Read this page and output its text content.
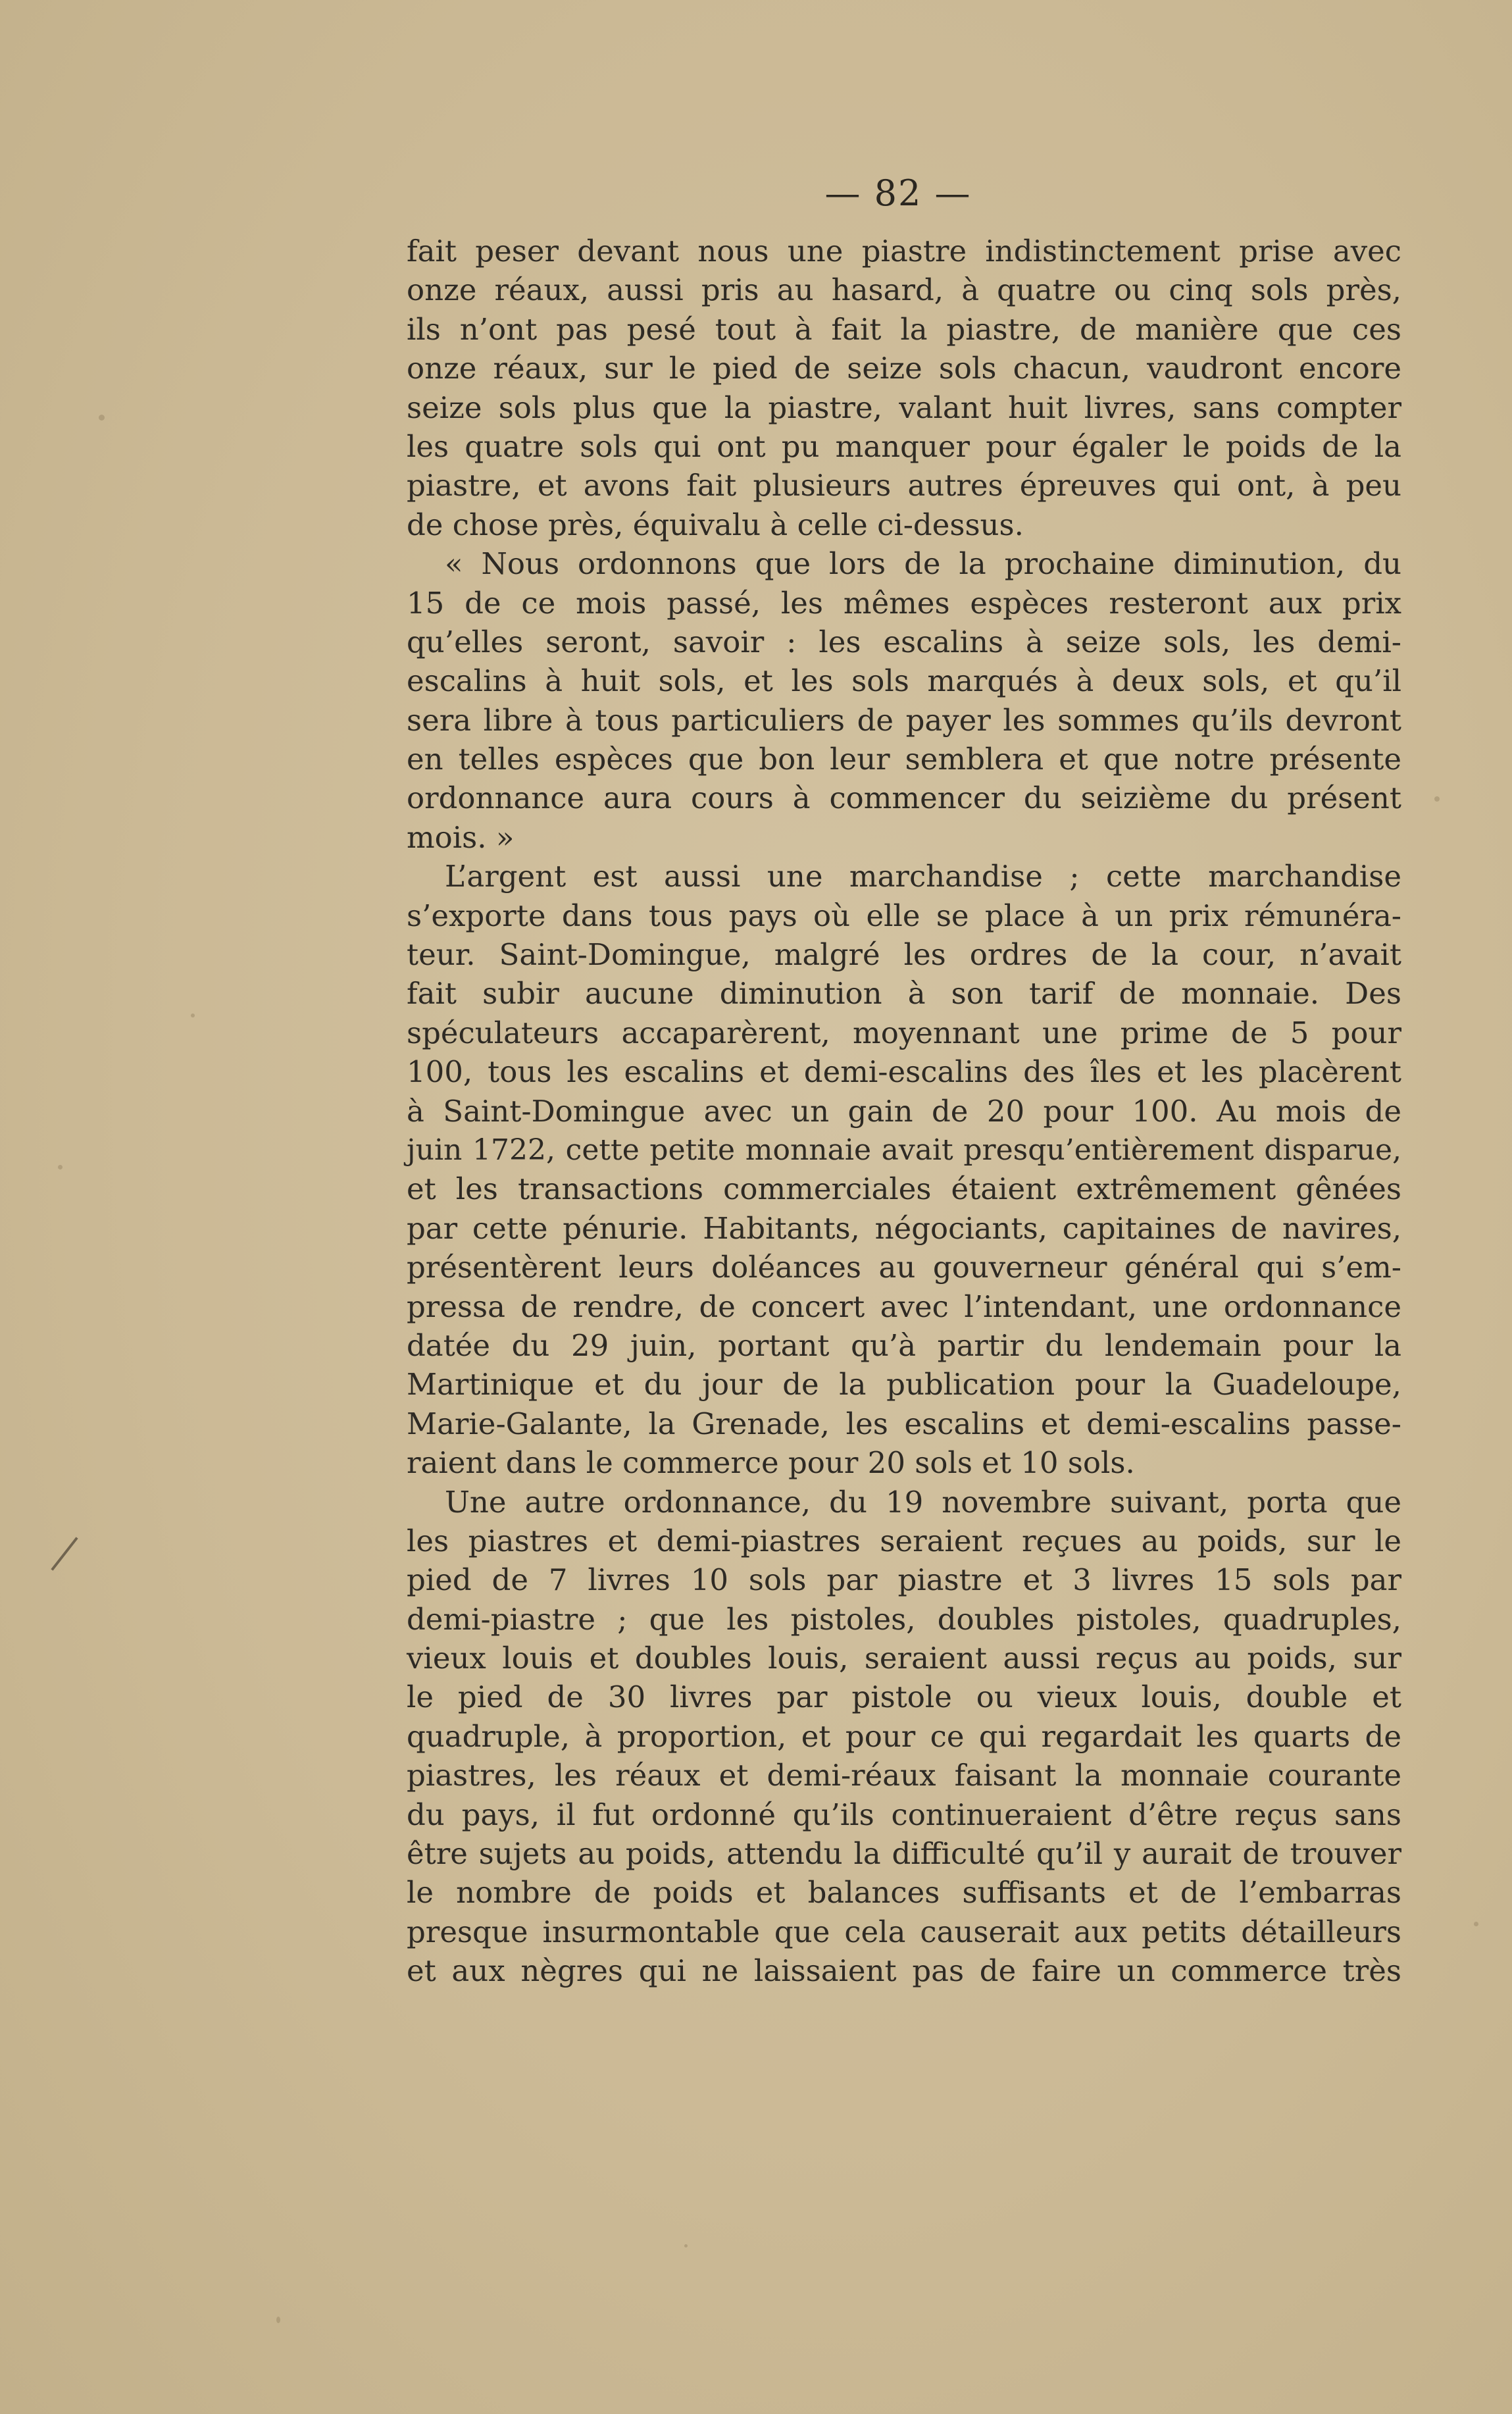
— 82 —
fait peser devant nous une piastre indistinctement prise avec
onze réaux, aussi pris au hasard, à quatre ou cinq sols près,
ils n’ont pas pesé tout à fait la piastre, de manière que ces
onze réaux, sur le pied de seize sols chacun, vaudront encore
seize sols plus que la piastre, valant huit livres, sans compter
les quatre sols qui ont pu manquer pour égaler le poids de la
piastre, et avons fait plusieurs autres épreuves qui ont, à peu
de chose près, équivalu à celle ci-dessus.
« Nous ordonnons que lors de la prochaine diminution, du
15 de ce mois passé, les mêmes espèces resteront aux prix
qu’elles seront, savoir : les escalins à seize sols, les demi-
escalins à huit sols, et les sols marqués à deux sols, et qu’il
sera libre à tous particuliers de payer les sommes qu’ils devront
en telles espèces que bon leur semblera et que notre présente
ordonnance aura cours à commencer du seizième du présent
mois. »
L’argent est aussi une marchandise ; cette marchandise
s’exporte dans tous pays où elle se place à un prix rémunéra-
teur. Saint-Domingue, malgré les ordres de la cour, n’avait
fait subir aucune diminution à son tarif de monnaie. Des
spéculateurs accaparèrent, moyennant une prime de 5 pour
100, tous les escalins et demi-escalins des îles et les placèrent
à Saint-Domingue avec un gain de 20 pour 100. Au mois de
juin 1722, cette petite monnaie avait presqu’entièrement disparue,
et les transactions commerciales étaient extrêmement gênées
par cette pénurie. Habitants, négociants, capitaines de navires,
présentèrent leurs doléances au gouverneur général qui s’em-
pressa de rendre, de concert avec l’intendant, une ordonnance
datée du 29 juin, portant qu’à partir du lendemain pour la
Martinique et du jour de la publication pour la Guadeloupe,
Marie-Galante, la Grenade, les escalins et demi-escalins passe-
raient dans le commerce pour 20 sols et 10 sols.
Une autre ordonnance, du 19 novembre suivant, porta que
les piastres et demi-piastres seraient reçues au poids, sur le
pied de 7 livres 10 sols par piastre et 3 livres 15 sols par
demi-piastre ; que les pistoles, doubles pistoles, quadruples,
vieux louis et doubles louis, seraient aussi reçus au poids, sur
le pied de 30 livres par pistole ou vieux louis, double et
quadruple, à proportion, et pour ce qui regardait les quarts de
piastres, les réaux et demi-réaux faisant la monnaie courante
du pays, il fut ordonné qu’ils continueraient d’être reçus sans
être sujets au poids, attendu la difficulté qu’il y aurait de trouver
le nombre de poids et balances suffisants et de l’embarras
presque insurmontable que cela causerait aux petits détailleurs
et aux nègres qui ne laissaient pas de faire un commerce très
